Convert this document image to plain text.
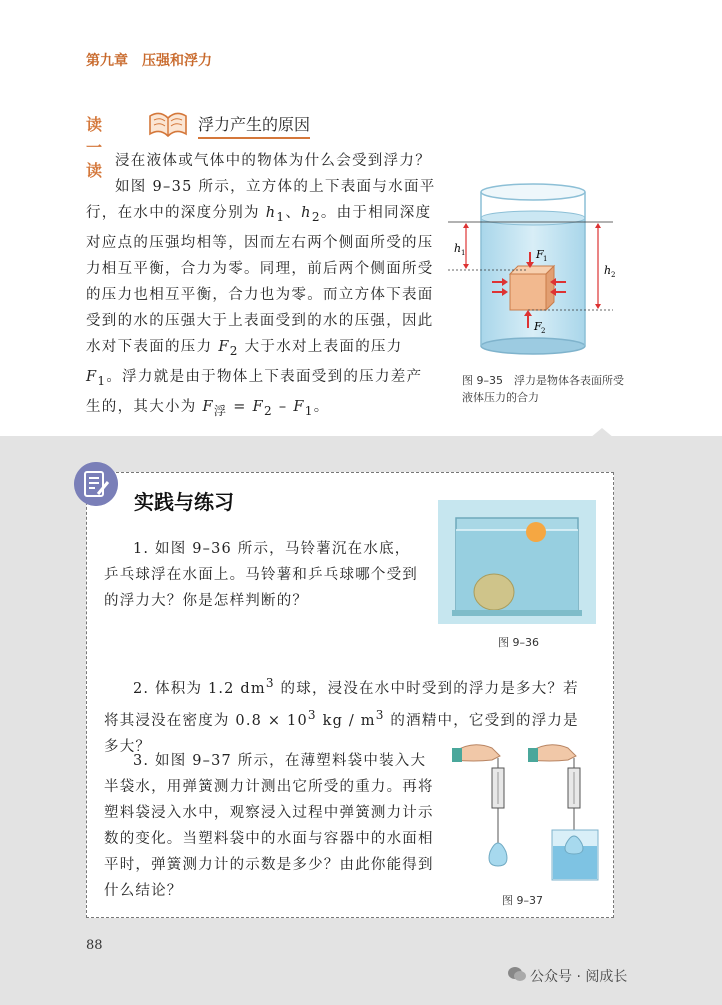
第九章　压强和浮力
读一读
浮力产生的原因

浸在液体或气体中的物体为什么会受到浮力？

如图 9–35 所示，立方体的上下表面与水面平行，在水中的深度分别为 $h_1$、$h_2$。由于相同深度对应点的压强均相等，因而左右两个侧面所受的压力相互平衡，合力为零。同理，前后两个侧面所受的压力也相互平衡，合力也为零。而立方体下表面受到的水的压强大于上表面受到的水的压强，因此水对下表面的压力 $F_2$ 大于水对上表面的压力 $F_1$。浮力就是由于物体上下表面受到的压力差产生的，其大小为 $F_浮 = F_2 - F_1$。

h 1
h 2
F 1
F 2
图 9–35　浮力是物体各表面所受液体压力的合力
实践与练习

1. 如图 9–36 所示，马铃薯沉在水底，乒乓球浮在水面上。马铃薯和乒乓球哪个受到的浮力大？你是怎样判断的？

图 9–36

2. 体积为 1.2 $dm^3$ 的球，浸没在水中时受到的浮力是多大？若将其浸没在密度为 $0.8 \times 10^3$ kg / $m^3$ 的酒精中，它受到的浮力是多大？

3. 如图 9–37 所示，在薄塑料袋中装入大半袋水，用弹簧测力计测出它所受的重力。再将塑料袋浸入水中，观察浸入过程中弹簧测力计示数的变化。当塑料袋中的水面与容器中的水面相平时，弹簧测力计的示数是多少？由此你能得到什么结论？

图 9–37
88
公众号 · 阅成长
